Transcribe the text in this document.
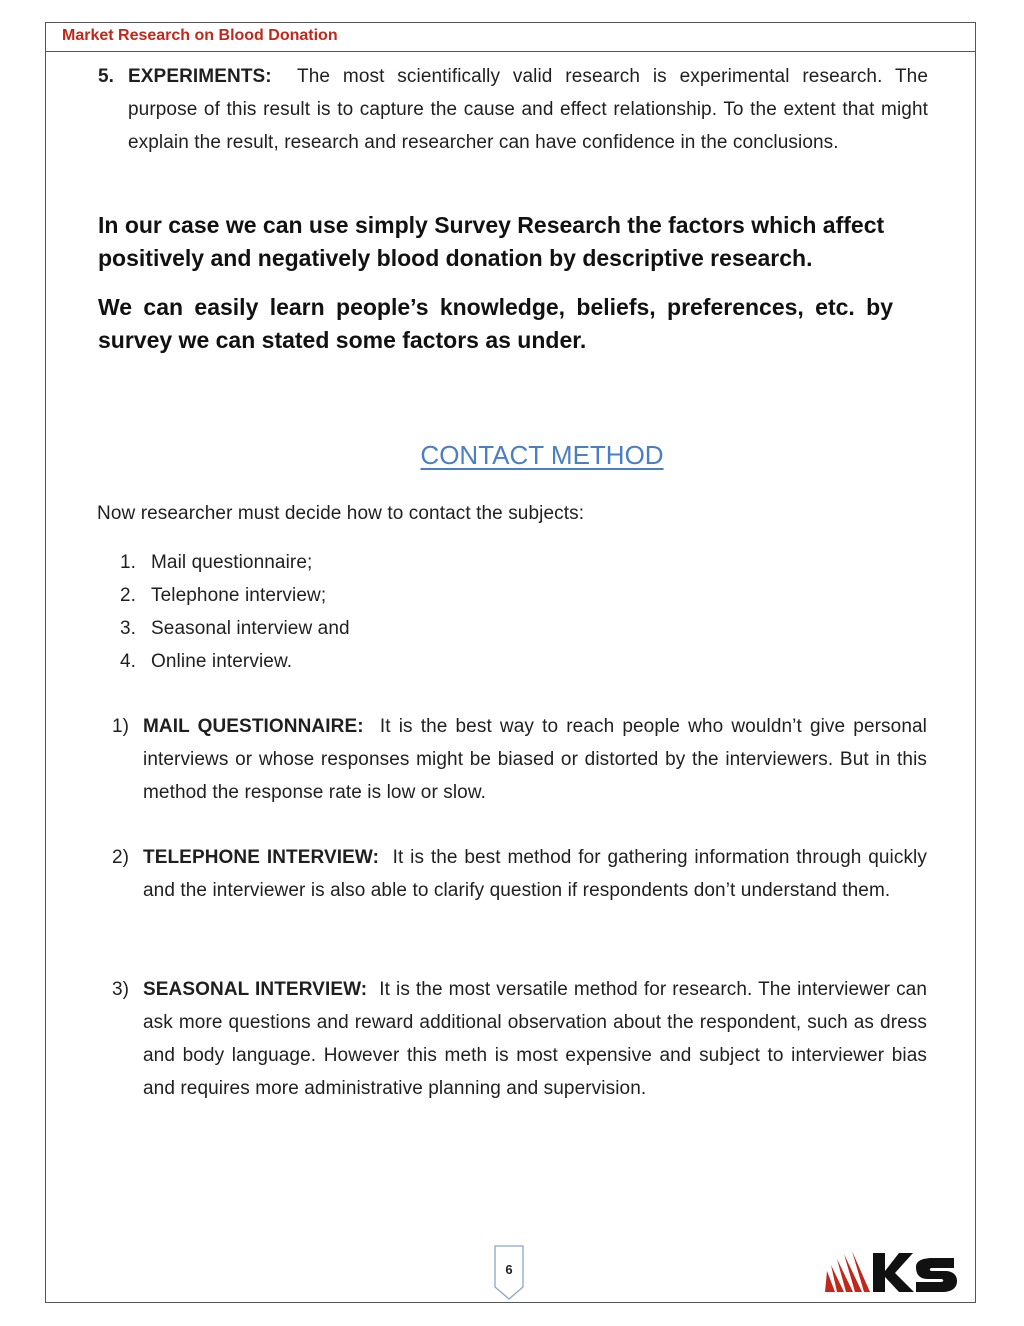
Market Research on Blood Donation
5. EXPERIMENTS: The most scientifically valid research is experimental research. The purpose of this result is to capture the cause and effect relationship. To the extent that might explain the result, research and researcher can have confidence in the conclusions.
In our case we can use simply Survey Research the factors which affect positively and negatively blood donation by descriptive research.
We can easily learn people’s knowledge, beliefs, preferences, etc. by survey we can stated some factors as under.
CONTACT METHOD
Now researcher must decide how to contact the subjects:
1. Mail questionnaire;
2. Telephone interview;
3. Seasonal interview and
4. Online interview.
1) MAIL QUESTIONNAIRE: It is the best way to reach people who wouldn’t give personal interviews or whose responses might be biased or distorted by the interviewers. But in this method the response rate is low or slow.
2) TELEPHONE INTERVIEW: It is the best method for gathering information through quickly and the interviewer is also able to clarify question if respondents don’t understand them.
3) SEASONAL INTERVIEW: It is the most versatile method for research. The interviewer can ask more questions and reward additional observation about the respondent, such as dress and body language. However this meth is most expensive and subject to interviewer bias and requires more administrative planning and supervision.
6
